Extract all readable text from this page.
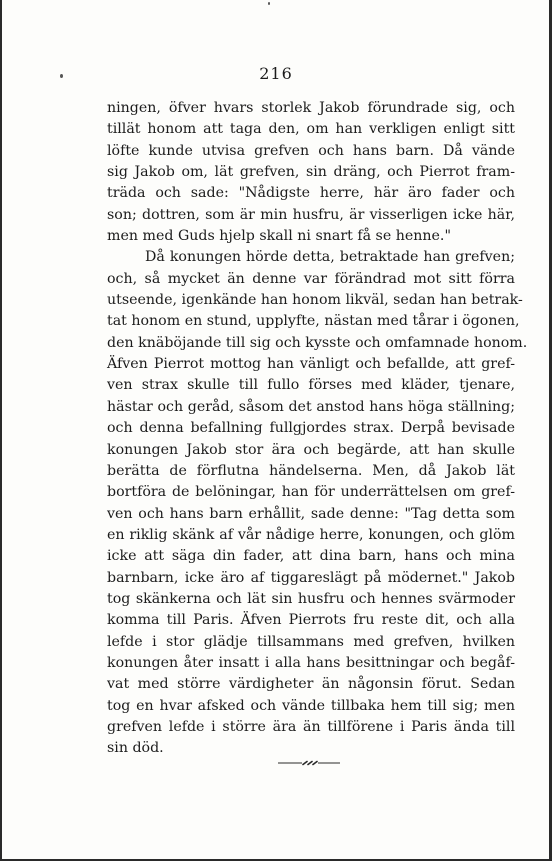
216
ningen, öfver hvars storlek Jakob förundrade sig, och
tillät honom att taga den, om han verkligen enligt sitt
löfte kunde utvisa grefven och hans barn. Då vände
sig Jakob om, lät grefven, sin dräng, och Pierrot fram-
träda och sade: "Nådigste herre, här äro fader och
son; dottren, som är min husfru, är visserligen icke här,
men med Guds hjelp skall ni snart få se henne."
Då konungen hörde detta, betraktade han grefven;
och, så mycket än denne var förändrad mot sitt förra
utseende, igenkände han honom likväl, sedan han betrak-
tat honom en stund, upplyfte, nästan med tårar i ögonen,
den knäböjande till sig och kysste och omfamnade honom.
Äfven Pierrot mottog han vänligt och befallde, att gref-
ven strax skulle till fullo förses med kläder, tjenare,
hästar och geråd, såsom det anstod hans höga ställning;
och denna befallning fullgjordes strax. Derpå bevisade
konungen Jakob stor ära och begärde, att han skulle
berätta de förflutna händelserna. Men, då Jakob lät
bortföra de belöningar, han för underrättelsen om gref-
ven och hans barn erhållit, sade denne: "Tag detta som
en riklig skänk af vår nådige herre, konungen, och glöm
icke att säga din fader, att dina barn, hans och mina
barnbarn, icke äro af tiggareslägt på mödernet." Jakob
tog skänkerna och lät sin husfru och hennes svärmoder
komma till Paris. Äfven Pierrots fru reste dit, och alla
lefde i stor glädje tillsammans med grefven, hvilken
konungen åter insatt i alla hans besittningar och begåf-
vat med större värdigheter än någonsin förut. Sedan
tog en hvar afsked och vände tillbaka hem till sig; men
grefven lefde i större ära än tillförene i Paris ända till
sin död.
